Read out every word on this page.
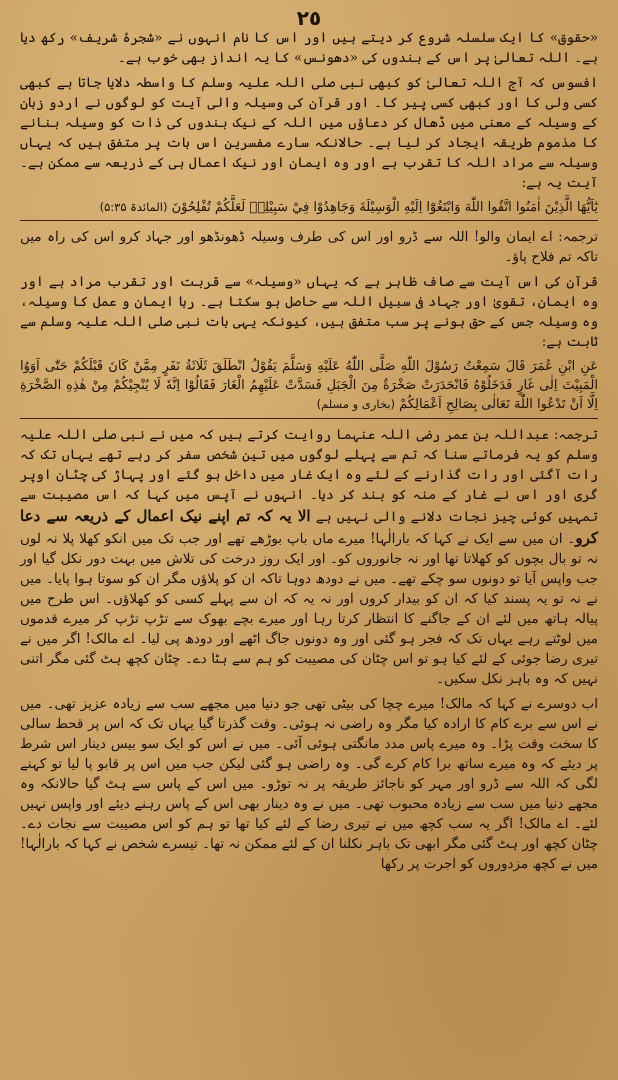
٢٥

«حقوق» کا ایک سلسلہ شروع کر دیتے ہیں اور اس کا نام انہوں نے «شجرۂ شریف» رکھ دیا ہے۔ اللہ تعالیٰ پر اس کے بندوں کی «دھونس» کا یہ انداز بھی خوب ہے۔

افسوس کہ آج اللہ تعالیٰ کو کبھی نبی صلی اللہ علیہ وسلم کا واسطہ دلایا جاتا ہے کبھی کسی ولی کا اور کبھی کسی پیر کا۔ اور قرآن کی وسیلہ والی آیت کو لوگوں نے اردو زبان کے وسیلہ کے معنی میں ڈھال کر دعاؤں میں اللہ کے نیک بندوں کی ذات کو وسیلہ بنانے کا مذموم طریقہ ایجاد کر لیا ہے۔ حالانکہ سارے مفسرین اس بات پر متفق ہیں کہ یہاں وسیلہ سے مراد اللہ کا تقرب ہے اور وہ ایمان اور نیک اعمال ہی کے ذریعہ سے ممکن ہے۔ آیت یہ ہے:

يٰٓاَيُّهَا الَّذِيْنَ اٰمَنُوا اتَّقُوا اللّٰهَ وَابْتَغُوْٓا اِلَيْهِ الْوَسِيْلَةَ وَجَاهِدُوْا فِيْ سَبِيْلِهٖ لَعَلَّكُمْ تُفْلِحُوْنَ (المائدۃ ۵:۳۵)

ترجمہ: اے ایمان والو! اللہ سے ڈرو اور اس کی طرف وسیلہ ڈھونڈھو اور جہاد کرو اس کی راہ میں تاکہ تم فلاح پاؤ۔

قرآن کی اس آیت سے صاف ظاہر ہے کہ یہاں «وسیلہ» سے قربت اور تقرب مراد ہے اور وہ ایمان، تقویٰ اور جہاد فی سبیل اللہ سے حاصل ہو سکتا ہے۔ رہا ایمان و عمل کا وسیلہ، وہ وسیلہ جس کے حق ہونے پر سب متفق ہیں، کیونکہ یہی بات نبی صلی اللہ علیہ وسلم سے ثابت ہے:

عَنِ ابْنِ عُمَرَ قَالَ سَمِعْتُ رَسُوْلَ اللّٰهِ صَلَّى اللّٰهُ عَلَيْهِ وَسَلَّمَ يَقُوْلُ انْطَلَقَ ثَلَاثَةُ نَفَرٍ مِمَّنْ كَانَ قَبْلَكُمْ حَتّٰى اَوَوُا الْمَبِيْتَ اِلٰى غَارٍ فَدَخَلُوْهُ فَانْحَدَرَتْ صَخْرَةٌ مِنَ الْجَبَلِ فَسَدَّتْ عَلَيْهِمُ الْغَارَ فَقَالُوْا اِنَّهٗ لَا يُنْجِيْكُمْ مِنْ هٰذِهِ الصَّخْرَةِ اِلَّا اَنْ تَدْعُوا اللّٰهَ تَعَالٰى بِصَالِحِ اَعْمَالِكُمْ (بخاری و مسلم)

ترجمہ: عبداللہ بن عمر رضی اللہ عنہما روایت کرتے ہیں کہ میں نے نبی صلی اللہ علیہ وسلم کو یہ فرماتے سنا کہ تم سے پہلے لوگوں میں تین شخص سفر کر رہے تھے یہاں تک کہ رات آگئی اور رات گذارنے کے لئے وہ ایک غار میں داخل ہو گئے اور پہاڑ کی چٹان اوپر گری اور اس نے غار کے منہ کو بند کر دیا۔ انہوں نے آپس میں کہا کہ اس مصیبت سے تمہیں کوئی چیز نجات دلانے والی نہیں ہے الا یہ کہ تم اپنے نیک اعمال کے ذریعہ سے دعا کرو۔ ان میں سے ایک نے کہا کہ بارالٰہا! میرے ماں باپ بوڑھے تھے اور جب تک میں انکو کھلا پلا نہ لوں نہ تو بال بچوں کو کھلاتا تھا اور نہ جانوروں کو۔ اور ایک روز درخت کی تلاش میں بہت دور نکل گیا اور جب واپس آیا تو دونوں سو چکے تھے۔ میں نے دودھ دوہا تاکہ ان کو پلاؤں مگر ان کو سوتا ہوا پایا۔ میں نے نہ تو یہ پسند کیا کہ ان کو بیدار کروں اور نہ یہ کہ ان سے پہلے کسی کو کھلاؤں۔ اس طرح میں پیالہ ہاتھ میں لئے ان کے جاگنے کا انتظار کرتا رہا اور میرے بچے بھوک سے تڑپ تڑپ کر میرے قدموں میں لوٹتے رہے یہاں تک کہ فجر ہو گئی اور وہ دونوں جاگ اٹھے اور دودھ پی لیا۔ اے مالک! اگر میں نے تیری رضا جوئی کے لئے کیا ہو تو اس چٹان کی مصیبت کو ہم سے ہٹا دے۔ چٹان کچھ ہٹ گئی مگر اتنی نہیں کہ وہ باہر نکل سکیں۔

اب دوسرے نے کہا کہ مالک! میرے چچا کی بیٹی تھی جو دنیا میں مجھے سب سے زیادہ عزیز تھی۔ میں نے اس سے برے کام کا ارادہ کیا مگر وہ راضی نہ ہوئی۔ وقت گذرتا گیا یہاں تک کہ اس پر قحط سالی کا سخت وقت پڑا۔ وہ میرے پاس مدد مانگتی ہوئی آئی۔ میں نے اس کو ایک سو بیس دینار اس شرط پر دیئے کہ وہ میرے ساتھ برا کام کرے گی۔ وہ راضی ہو گئی لیکن جب میں اس پر قابو پا لیا تو کہنے لگی کہ اللہ سے ڈرو اور مہر کو ناجائز طریقہ پر نہ توڑو۔ میں اس کے پاس سے ہٹ گیا حالانکہ وہ مجھے دنیا میں سب سے زیادہ محبوب تھی۔ میں نے وہ دینار بھی اس کے پاس رہنے دیئے اور واپس نہیں لئے۔ اے مالک! اگر یہ سب کچھ میں نے تیری رضا کے لئے کیا تھا تو ہم کو اس مصیبت سے نجات دے۔ چٹان کچھ اور ہٹ گئی مگر ابھی تک باہر نکلنا ان کے لئے ممکن نہ تھا۔ تیسرے شخص نے کہا کہ بارالٰہا! میں نے کچھ مزدوروں کو اجرت پر رکھا
